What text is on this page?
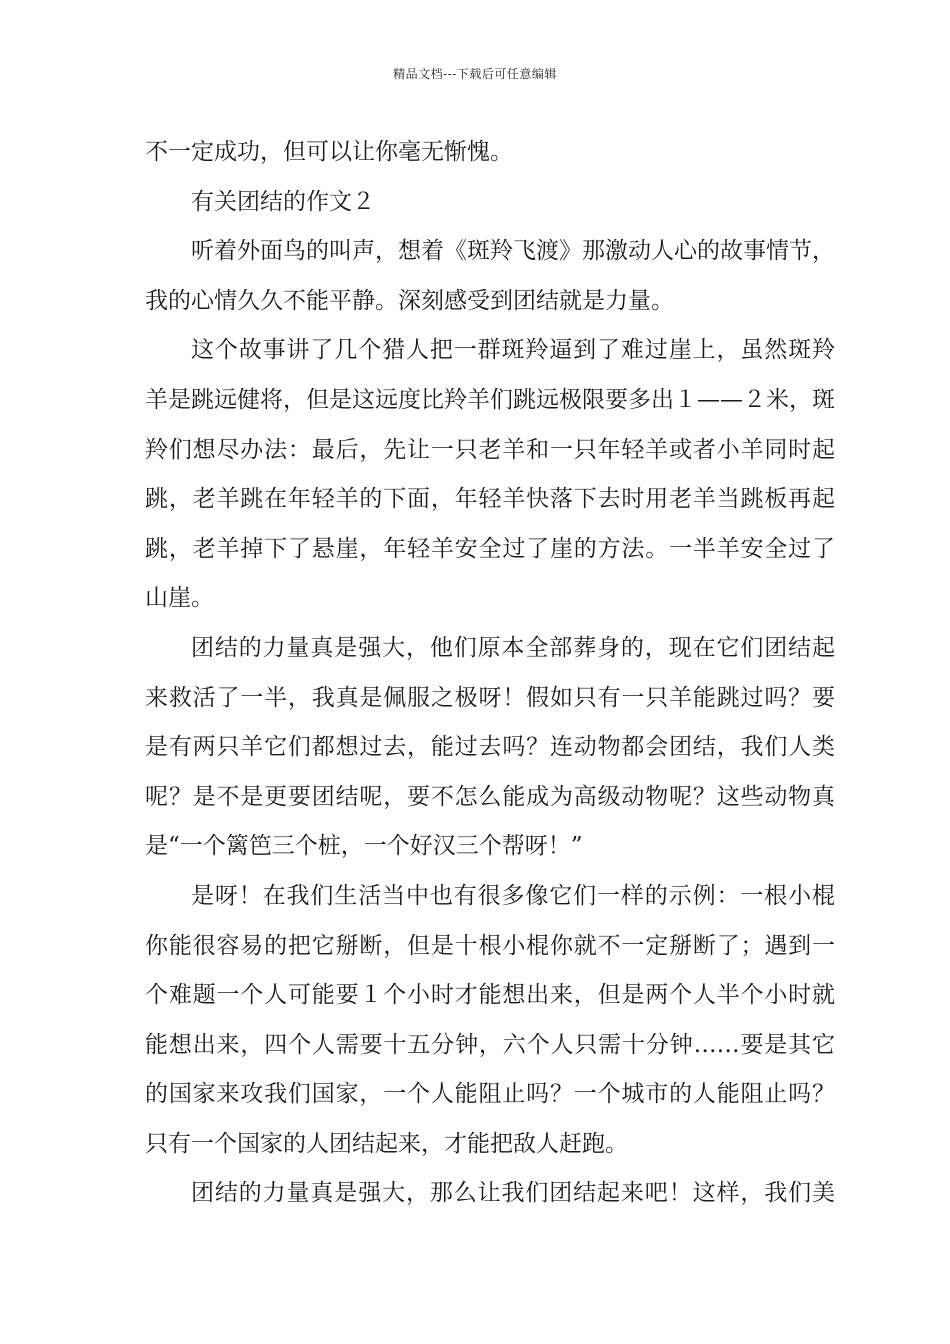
精品文档---下载后可任意编辑

不一定成功，但可以让你毫无惭愧。

有关团结的作文２

听着外面鸟的叫声，想着《斑羚飞渡》那激动人心的故事情节，
我的心情久久不能平静。深刻感受到团结就是力量。

这个故事讲了几个猎人把一群斑羚逼到了难过崖上，虽然斑羚
羊是跳远健将，但是这远度比羚羊们跳远极限要多出１——２米，斑
羚们想尽办法：最后，先让一只老羊和一只年轻羊或者小羊同时起
跳，老羊跳在年轻羊的下面，年轻羊快落下去时用老羊当跳板再起
跳，老羊掉下了悬崖，年轻羊安全过了崖的方法。一半羊安全过了
山崖。

团结的力量真是强大，他们原本全部葬身的，现在它们团结起
来救活了一半，我真是佩服之极呀！假如只有一只羊能跳过吗？要
是有两只羊它们都想过去，能过去吗？连动物都会团结，我们人类
呢？是不是更要团结呢，要不怎么能成为高级动物呢？这些动物真
是“一个篱笆三个桩，一个好汉三个帮呀！”

是呀！在我们生活当中也有很多像它们一样的示例：一根小棍
你能很容易的把它掰断，但是十根小棍你就不一定掰断了；遇到一
个难题一个人可能要１个小时才能想出来，但是两个人半个小时就
能想出来，四个人需要十五分钟，六个人只需十分钟……要是其它
的国家来攻我们国家，一个人能阻止吗？一个城市的人能阻止吗？
只有一个国家的人团结起来，才能把敌人赶跑。

团结的力量真是强大，那么让我们团结起来吧！这样，我们美
